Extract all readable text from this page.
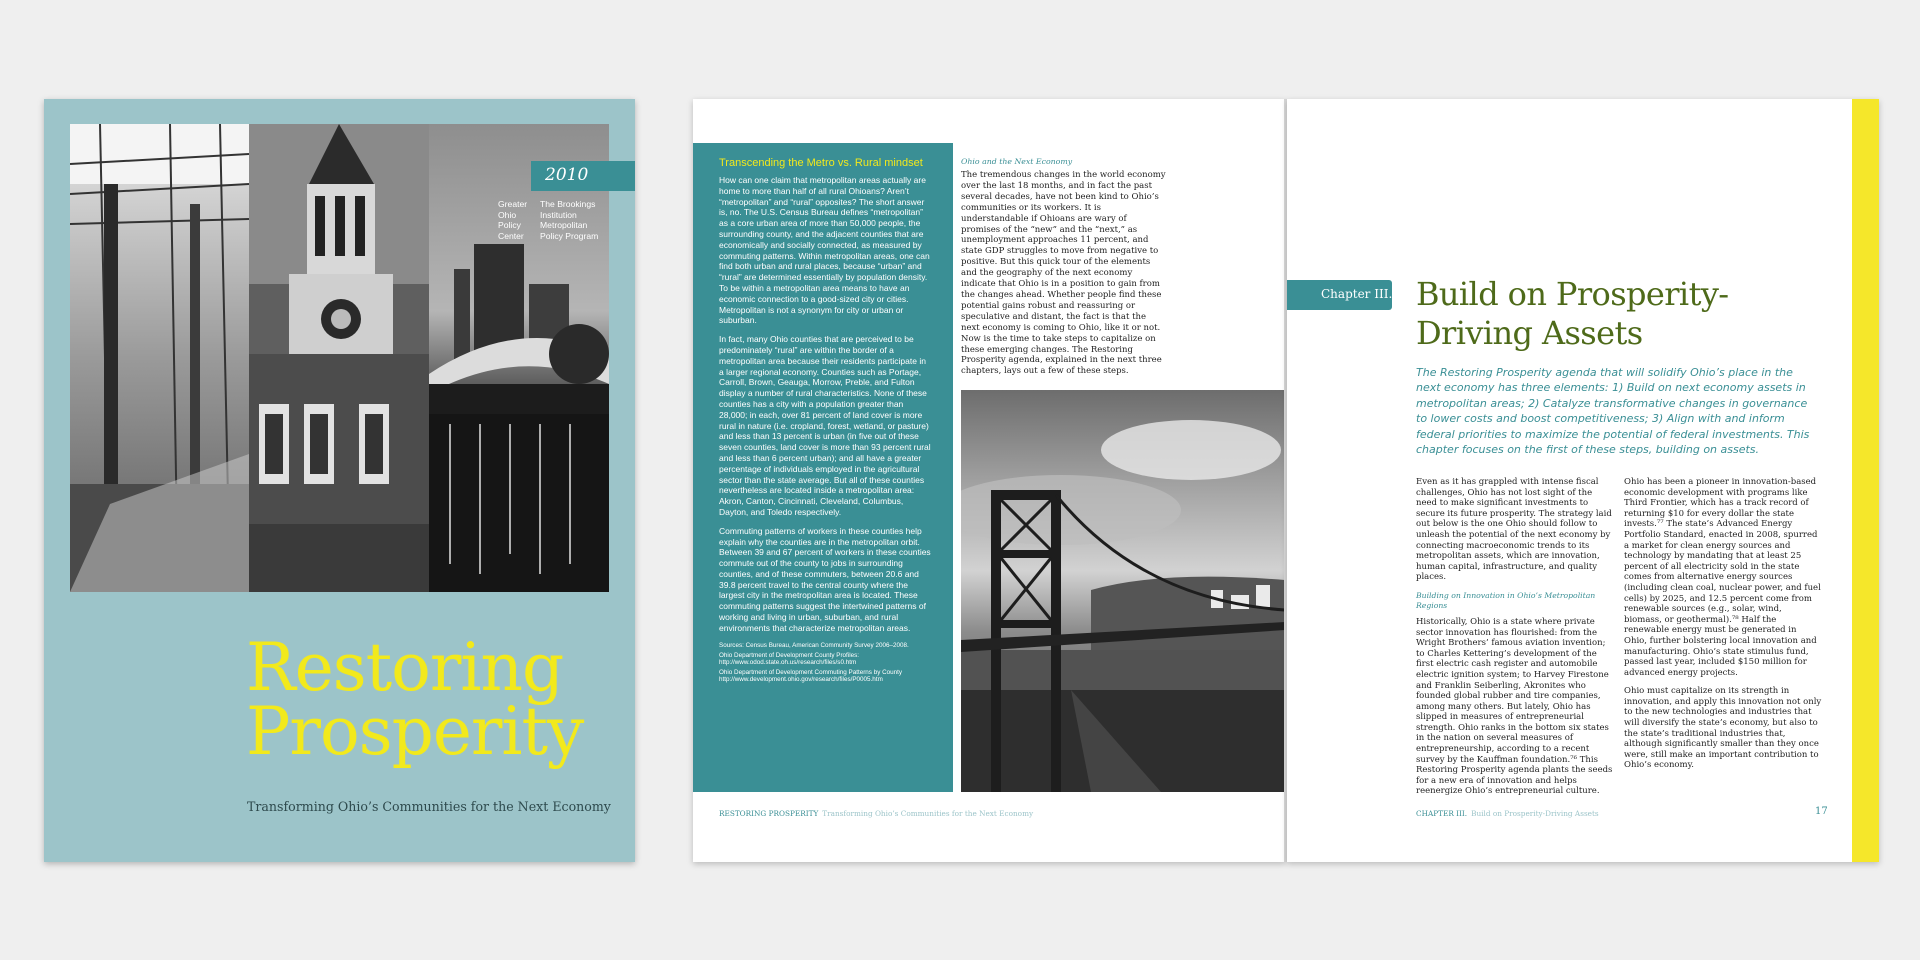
2010
Greater
Ohio
Policy
Center
The Brookings
Institution
Metropolitan
Policy Program
Restoring
Prosperity
Transforming Ohio’s Communities for the Next Economy
Transcending the Metro vs. Rural mindset

How can one claim that metropolitan areas actually are home to more than half of all rural Ohioans? Aren’t “metropolitan” and “rural” opposites? The short answer is, no. The U.S. Census Bureau defines “metropolitan” as a core urban area of more than 50,000 people, the surrounding county, and the adjacent counties that are economically and socially connected, as measured by commuting patterns. Within metropolitan areas, one can find both urban and rural places, because “urban” and “rural” are determined essentially by population density. To be within a metropolitan area means to have an economic connection to a good-sized city or cities. Metropolitan is not a synonym for city or urban or suburban.

In fact, many Ohio counties that are perceived to be predominately “rural” are within the border of a metropolitan area because their residents participate in a larger regional economy. Counties such as Portage, Carroll, Brown, Geauga, Morrow, Preble, and Fulton display a number of rural characteristics. None of these counties has a city with a population greater than 28,000; in each, over 81 percent of land cover is more rural in nature (i.e. cropland, forest, wetland, or pasture) and less than 13 percent is urban (in five out of these seven counties, land cover is more than 93 percent rural and less than 6 percent urban); and all have a greater percentage of individuals employed in the agricultural sector than the state average. But all of these counties nevertheless are located inside a metropolitan area: Akron, Canton, Cincinnati, Cleveland, Columbus, Dayton, and Toledo respectively.

Commuting patterns of workers in these counties help explain why the counties are in the metropolitan orbit. Between 39 and 67 percent of workers in these counties commute out of the county to jobs in surrounding counties, and of these commuters, between 20.6 and 39.8 percent travel to the central county where the largest city in the metropolitan area is located. These commuting patterns suggest the intertwined patterns of working and living in urban, suburban, and rural environments that characterize metropolitan areas.

Sources: Census Bureau, American Community Survey 2006–2008.

Ohio Department of Development County Profiles: http://www.odod.state.oh.us/research/files/s0.htm

Ohio Department of Development Commuting Patterns by County http://www.development.ohio.gov/research/files/P0005.htm

Ohio and the Next Economy

The tremendous changes in the world economy over the last 18 months, and in fact the past several decades, have not been kind to Ohio’s communities or its workers. It is understandable if Ohioans are wary of promises of the “new” and the “next,” as unemployment approaches 11 percent, and state GDP struggles to move from negative to positive. But this quick tour of the elements and the geography of the next economy indicate that Ohio is in a position to gain from the changes ahead. Whether people find these potential gains robust and reassuring or speculative and distant, the fact is that the next economy is coming to Ohio, like it or not. Now is the time to take steps to capitalize on these emerging changes. The Restoring Prosperity agenda, explained in the next three chapters, lays out a few of these steps.

RESTORING PROSPERITY Transforming Ohio’s Communities for the Next Economy
Chapter III. Build on Prosperity-
Driving Assets
The Restoring Prosperity agenda that will solidify Ohio’s place in the next economy has three elements: 1) Build on next economy assets in metropolitan areas; 2) Catalyze transformative changes in governance to lower costs and boost competitiveness; 3) Align with and inform federal priorities to maximize the potential of federal investments. This chapter focuses on the first of these steps, building on assets.

Even as it has grappled with intense fiscal challenges, Ohio has not lost sight of the need to make significant investments to secure its future prosperity. The strategy laid out below is the one Ohio should follow to unleash the potential of the next economy by connecting macroeconomic trends to its metropolitan assets, which are innovation, human capital, infrastructure, and quality places.

Building on Innovation in Ohio’s Metropolitan Regions

Historically, Ohio is a state where private sector innovation has flourished: from the Wright Brothers’ famous aviation invention; to Charles Kettering’s development of the first electric cash register and automobile electric ignition system; to Harvey Firestone and Franklin Seiberling, Akronites who founded global rubber and tire companies, among many others. But lately, Ohio has slipped in measures of entrepreneurial strength. Ohio ranks in the bottom six states in the nation on several measures of entrepreneurship, according to a recent survey by the Kauffman foundation.⁷⁶ This Restoring Prosperity agenda plants the seeds for a new era of innovation and helps reenergize Ohio’s entrepreneurial culture.

Ohio has been a pioneer in innovation-based economic development with programs like Third Frontier, which has a track record of returning $10 for every dollar the state invests.⁷⁷ The state’s Advanced Energy Portfolio Standard, enacted in 2008, spurred a market for clean energy sources and technology by mandating that at least 25 percent of all electricity sold in the state comes from alternative energy sources (including clean coal, nuclear power, and fuel cells) by 2025, and 12.5 percent come from renewable sources (e.g., solar, wind, biomass, or geothermal).⁷⁸ Half the renewable energy must be generated in Ohio, further bolstering local innovation and manufacturing. Ohio’s state stimulus fund, passed last year, included $150 million for advanced energy projects.

Ohio must capitalize on its strength in innovation, and apply this innovation not only to the new technologies and industries that will diversify the state’s economy, but also to the state’s traditional industries that, although significantly smaller than they once were, still make an important contribution to Ohio’s economy.

CHAPTER III. Build on Prosperity-Driving Assets	17
